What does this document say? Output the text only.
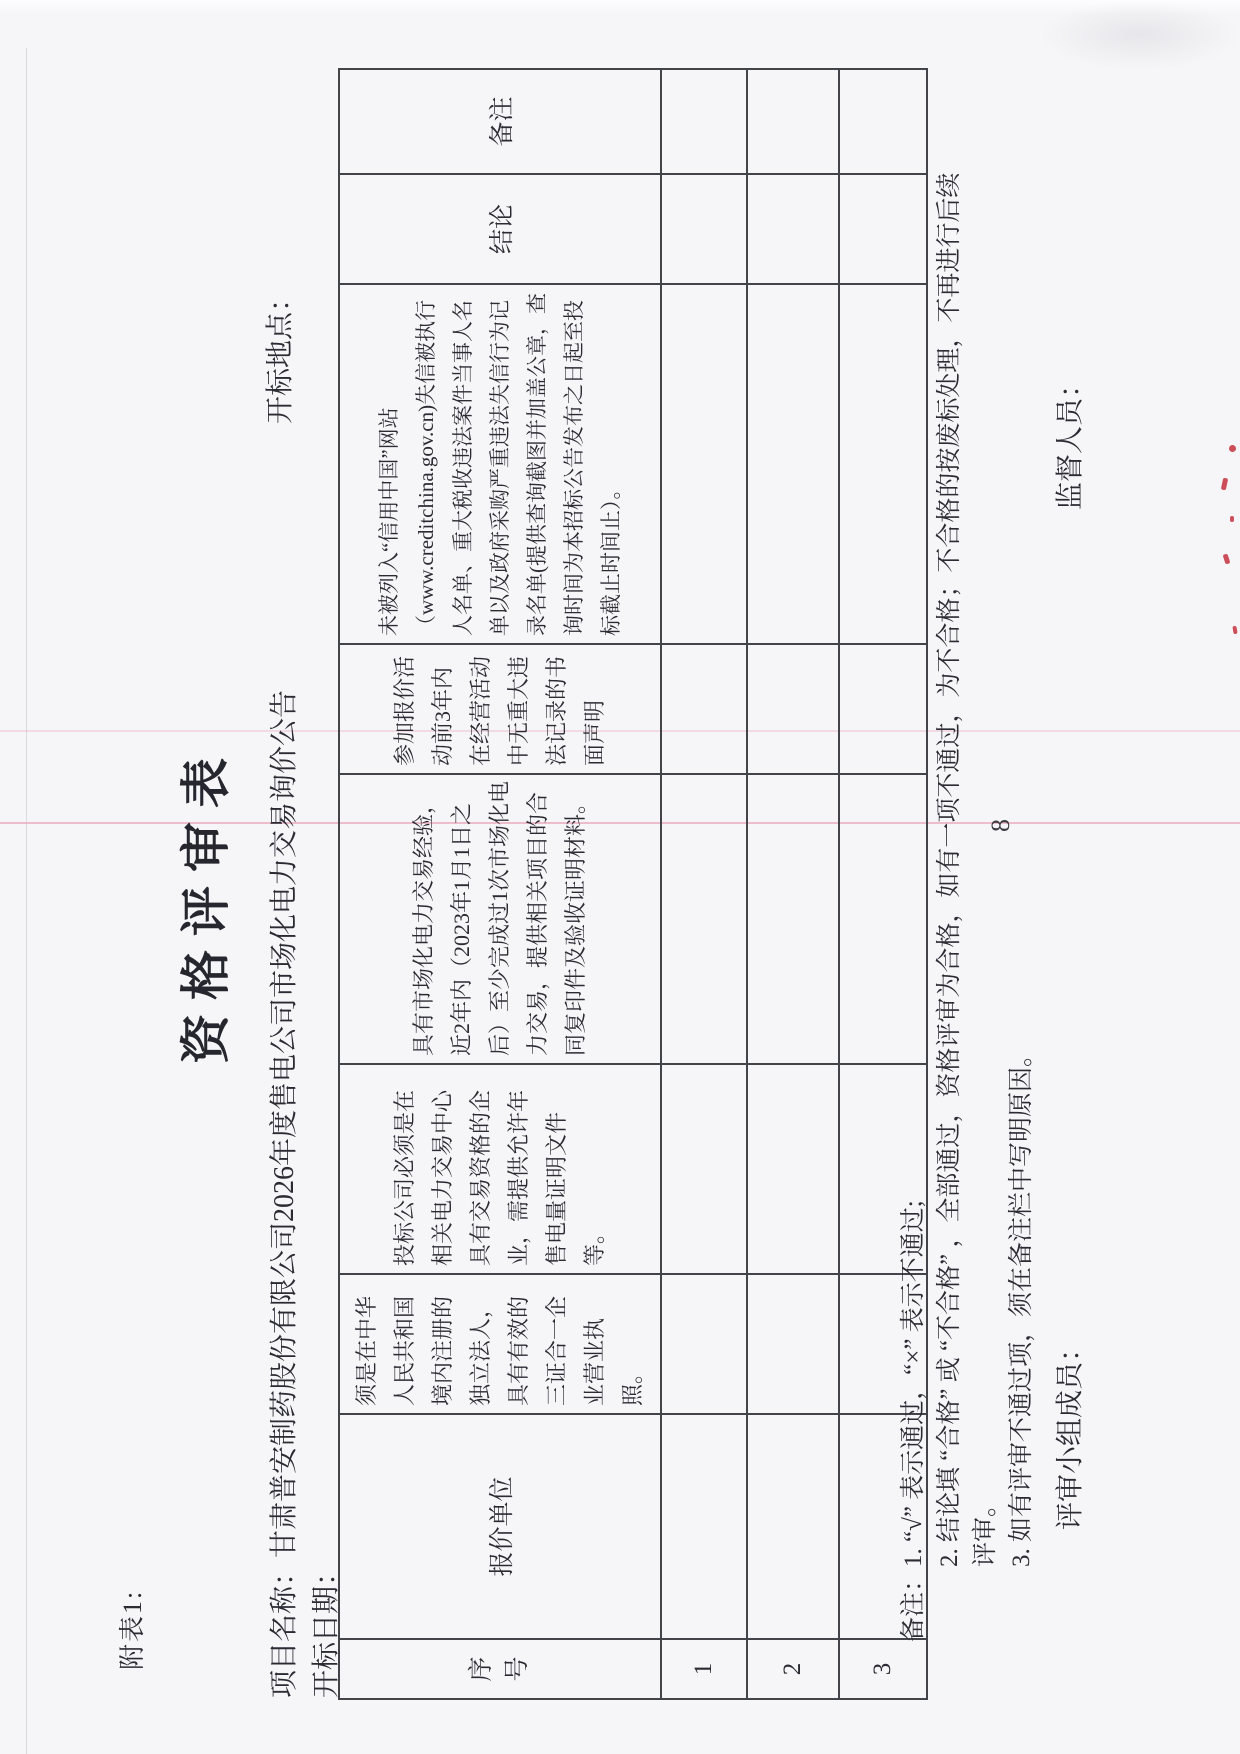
附表1:
资格评审表
项目名称：甘肃普安制药股份有限公司2026年度售电公司市场化电力交易询价公告
开标地点：
开标日期：	序号	报价单位	须是在中华人民共和国境内注册的独立法人，具有有效的三证合一企业营业执照。	投标公司必须是在相关电力交易中心具有交易资格的企业，需提供允许年售电量证明文件等。	具有市场化电力交易经验，近2年内（2023年1月1日之后）至少完成过1次市场化电力交易，提供相关项目的合同复印件及验收证明材料。	参加报价活动前3年内在经营活动中无重大违法记录的书面声明	未被列入“信用中国”网站（www.creditchina.gov.cn)失信被执行人名单、重大税收违法案件当事人名单以及政府采购严重违法失信行为记录名单(提供查询截图并加盖公章，查询时间为本招标公告发布之日起至投标截止时间止）。	结论	备注
1								
2								
3								
备注：
1. “√” 表示通过，“×” 表示不通过; 2. 结论填 “合格” 或 “不合格” ，全部通过，资格评审为合格，如有一项不通过，为不合格；不合格的按废标处理，不再进行后续评审。 3. 如有评审不通过项，须在备注栏中写明原因。 评审小组成员：
监督人员：
8
